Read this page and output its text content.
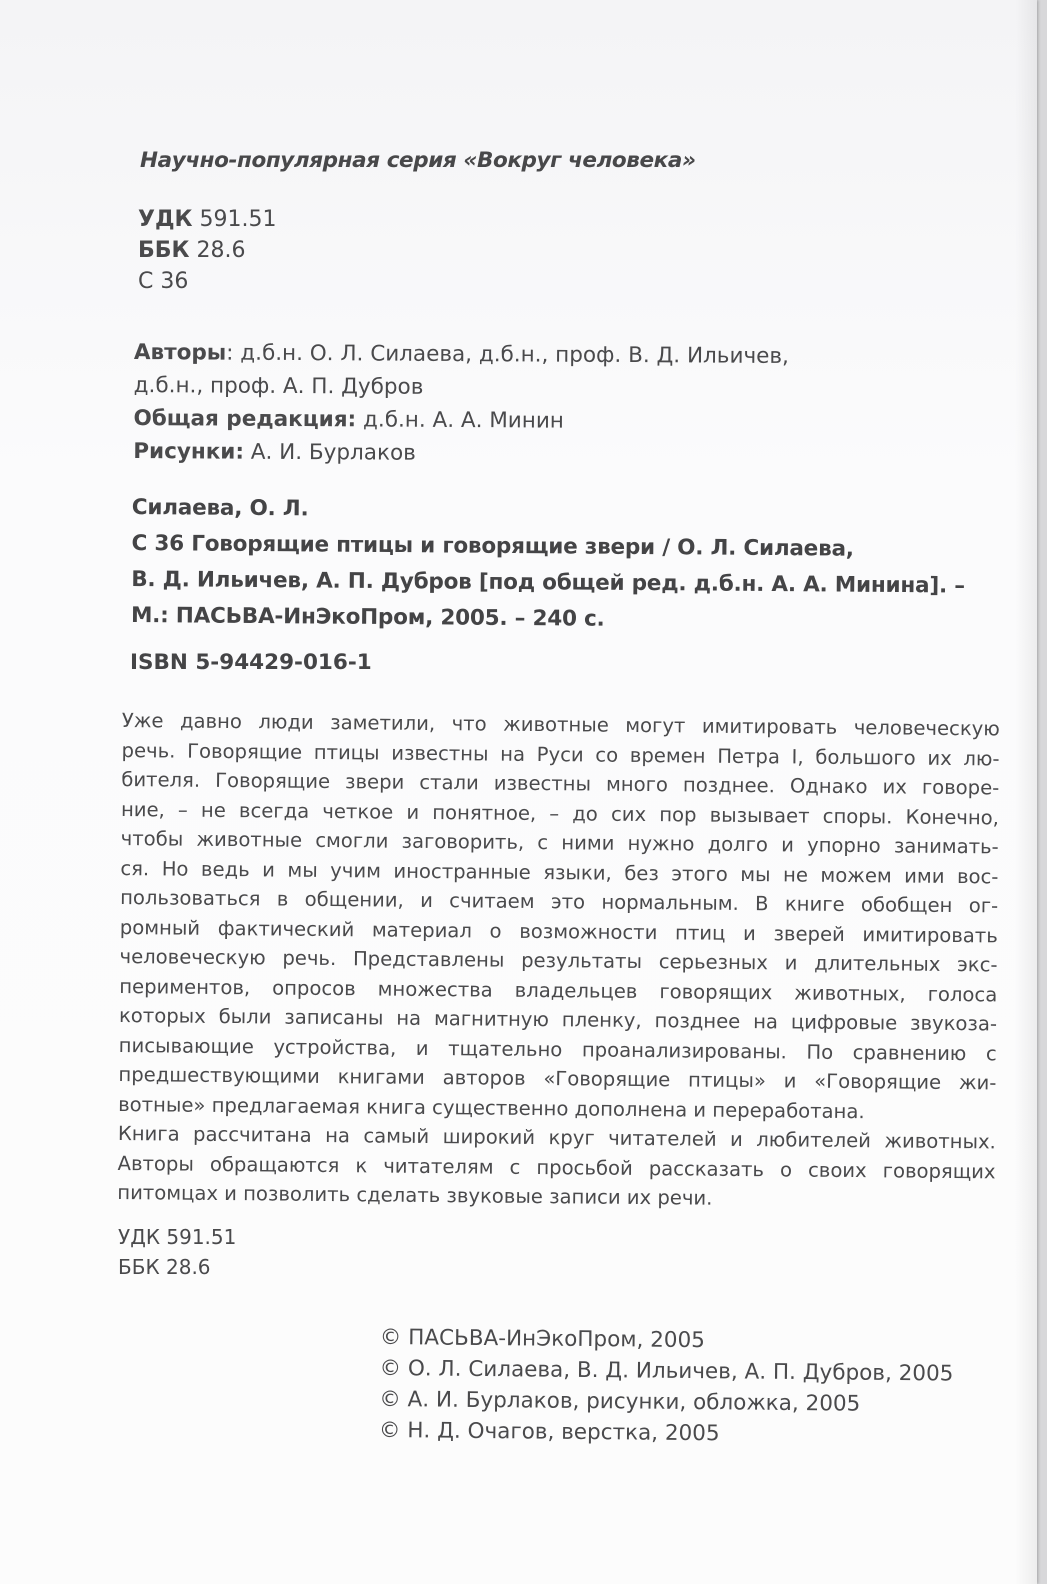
Научно-популярная серия «Вокруг человека»
УДК 591.51
ББК 28.6
С 36
Авторы: д.б.н. О. Л. Силаева, д.б.н., проф. В. Д. Ильичев,
д.б.н., проф. А. П. Дубров
Общая редакция: д.б.н. А. А. Минин
Рисунки: А. И. Бурлаков
Силаева, О. Л.
С 36 Говорящие птицы и говорящие звери / О. Л. Силаева,
В. Д. Ильичев, А. П. Дубров [под общей ред. д.б.н. А. А. Минина]. –
М.: ПАСЬВА-ИнЭкоПром, 2005. – 240 с.
ISBN 5-94429-016-1
Уже давно люди заметили, что животные могут имитировать человеческую
речь. Говорящие птицы известны на Руси со времен Петра I, большого их лю-
бителя. Говорящие звери стали известны много позднее. Однако их говоре-
ние, – не всегда четкое и понятное, – до сих пор вызывает споры. Конечно,
чтобы животные смогли заговорить, с ними нужно долго и упорно занимать-
ся. Но ведь и мы учим иностранные языки, без этого мы не можем ими вос-
пользоваться в общении, и считаем это нормальным. В книге обобщен ог-
ромный фактический материал о возможности птиц и зверей имитировать
человеческую речь. Представлены результаты серьезных и длительных экс-
периментов, опросов множества владельцев говорящих животных, голоса
которых были записаны на магнитную пленку, позднее на цифровые звукоза-
писывающие устройства, и тщательно проанализированы. По сравнению с
предшествующими книгами авторов «Говорящие птицы» и «Говорящие жи-
вотные» предлагаемая книга существенно дополнена и переработана.
Книга рассчитана на самый широкий круг читателей и любителей животных.
Авторы обращаются к читателям с просьбой рассказать о своих говорящих
питомцах и позволить сделать звуковые записи их речи.
УДК 591.51
ББК 28.6
© ПАСЬВА-ИнЭкоПром, 2005
© О. Л. Силаева, В. Д. Ильичев, А. П. Дубров, 2005
© А. И. Бурлаков, рисунки, обложка, 2005
© Н. Д. Очагов, верстка, 2005
